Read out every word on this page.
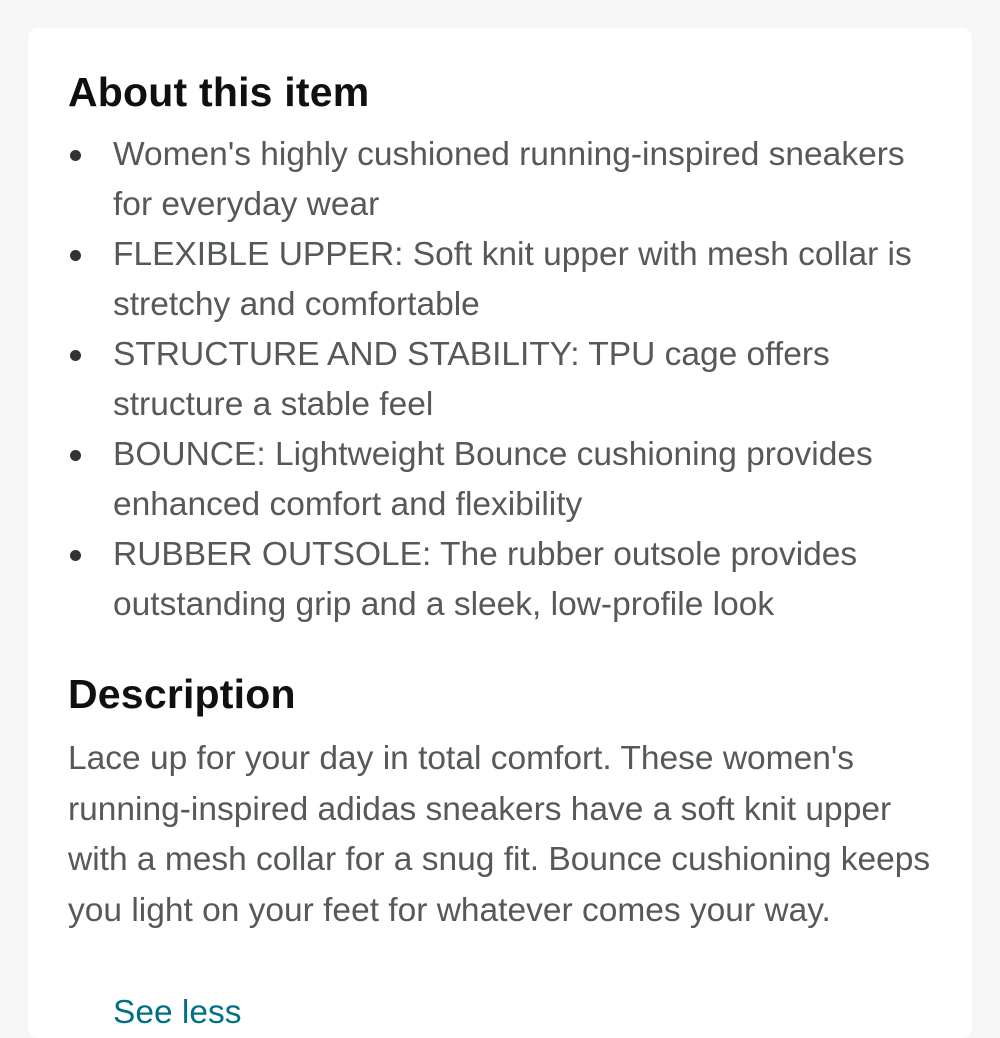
About this item
Women's highly cushioned running-inspired sneakers for everyday wear
FLEXIBLE UPPER: Soft knit upper with mesh collar is stretchy and comfortable
STRUCTURE AND STABILITY: TPU cage offers structure a stable feel
BOUNCE: Lightweight Bounce cushioning provides enhanced comfort and flexibility
RUBBER OUTSOLE: The rubber outsole provides outstanding grip and a sleek, low-profile look
Description

Lace up for your day in total comfort. These women's running-inspired adidas sneakers have a soft knit upper with a mesh collar for a snug fit. Bounce cushioning keeps you light on your feet for whatever comes your way.

See less
